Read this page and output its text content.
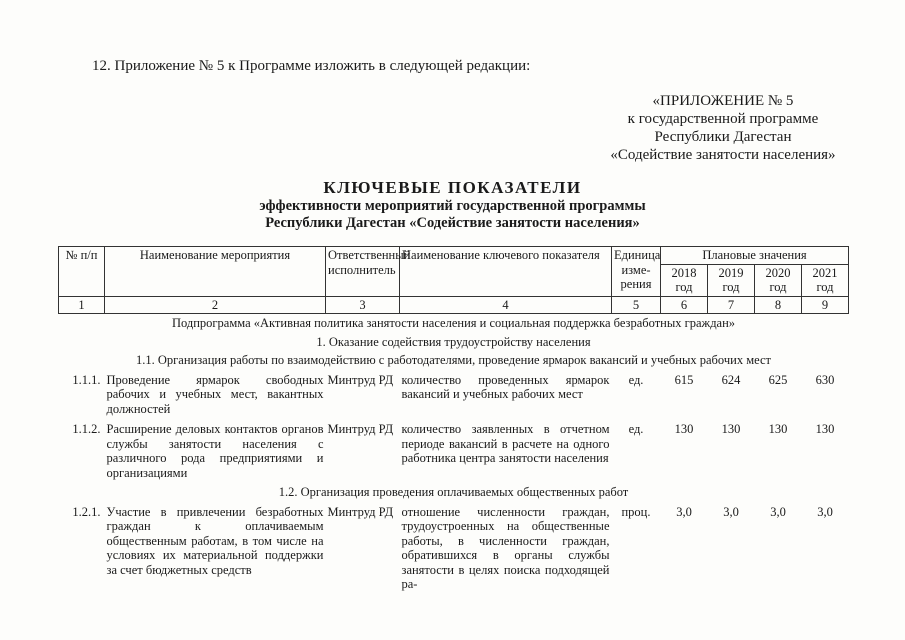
12. Приложение № 5 к Программе изложить в следующей редакции:
«ПРИЛОЖЕНИЕ № 5
к государственной программе
Республики Дагестан
«Содействие занятости населения»
КЛЮЧЕВЫЕ ПОКАЗАТЕЛИ
эффективности мероприятий государственной программы
Республики Дагестан «Содействие занятости населения»
№ п/п	Наименование мероприятия	Ответственный исполнитель	Наименование ключевого показателя	Единица изме-рения	Плановые значения			
					2018 год	2019 год	2020 год	2021 год
1	2	3	4	5	6	7	8	9
Подпрограмма «Активная политика занятости населения и социальная поддержка безработных граждан»								
1. Оказание содействия трудоустройству населения								
1.1. Организация работы по взаимодействию с работодателями, проведение ярмарок вакансий и учебных рабочих мест								
1.1.1.	Проведение ярмарок свободных рабочих и учебных мест, вакантных должностей	Минтруд РД	количество проведенных ярмарок вакансий и учебных рабочих мест	ед.	615	624	625	630
1.1.2.	Расширение деловых контактов органов службы занятости населения с различного рода предприятиями и организациями	Минтруд РД	количество заявленных в отчетном периоде вакансий в расчете на одного работника центра занятости населения	ед.	130	130	130	130
1.2. Организация проведения оплачиваемых общественных работ								
1.2.1.	Участие в привлечении безработных граждан к оплачиваемым общественным работам, в том числе на условиях их материальной поддержки за счет бюджетных средств	Минтруд РД	отношение численности граждан, трудоустроенных на общественные работы, в численности граждан, обратившихся в органы службы занятости в целях поиска подходящей ра-	проц.	3,0	3,0	3,0	3,0
